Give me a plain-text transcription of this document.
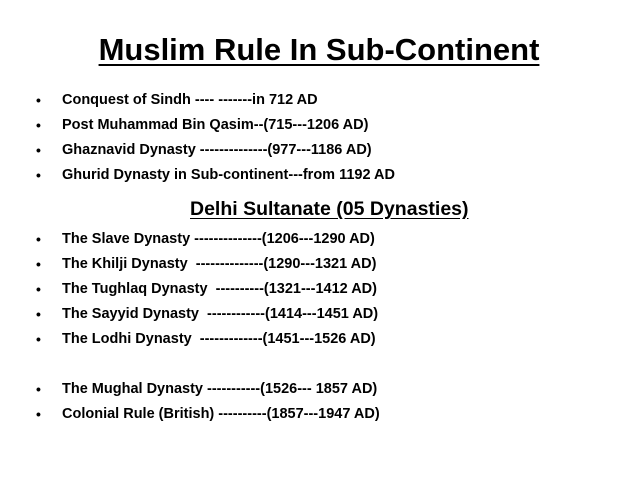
Muslim Rule In Sub-Continent
• Conquest of Sindh ---- -------in 712 AD
• Post Muhammad Bin Qasim--(715---1206 AD)
• Ghaznavid Dynasty --------------(977---1186 AD)
• Ghurid Dynasty in Sub-continent---from 1192 AD
Delhi Sultanate (05 Dynasties)
• The Slave Dynasty --------------(1206---1290 AD)
• The Khilji Dynasty  --------------(1290---1321 AD)
• The Tughlaq Dynasty  ----------(1321---1412 AD)
• The Sayyid Dynasty  ------------(1414---1451 AD)
• The Lodhi Dynasty  -------------(1451---1526 AD)
• The Mughal Dynasty -----------(1526--- 1857 AD)
• Colonial Rule (British) ----------(1857---1947 AD)
